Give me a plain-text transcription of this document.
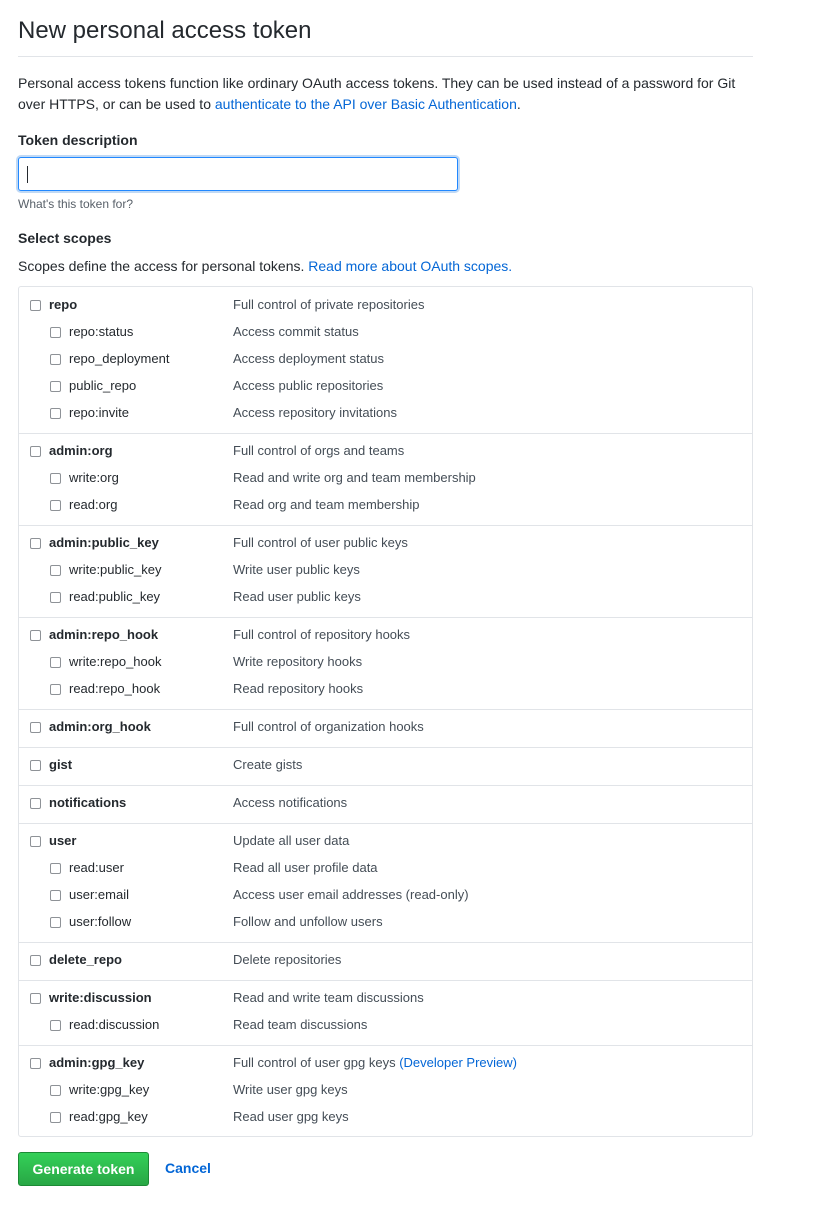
New personal access token

Personal access tokens function like ordinary OAuth access tokens. They can be used instead of a password for Git over HTTPS, or can be used to authenticate to the API over Basic Authentication.

Token description
What's this token for?
Select scopes
Scopes define the access for personal tokens. Read more about OAuth scopes.
repo	Full control of private repositories
repo:status	Access commit status
repo_deployment	Access deployment status
public_repo	Access public repositories
repo:invite	Access repository invitations
admin:org	Full control of orgs and teams
write:org	Read and write org and team membership
read:org	Read org and team membership
admin:public_key	Full control of user public keys
write:public_key	Write user public keys
read:public_key	Read user public keys
admin:repo_hook	Full control of repository hooks
write:repo_hook	Write repository hooks
read:repo_hook	Read repository hooks
admin:org_hook	Full control of organization hooks
gist	Create gists
notifications	Access notifications
user	Update all user data
read:user	Read all user profile data
user:email	Access user email addresses (read-only)
user:follow	Follow and unfollow users
delete_repo	Delete repositories
write:discussion	Read and write team discussions
read:discussion	Read team discussions
admin:gpg_key	Full control of user gpg keys (Developer Preview)
write:gpg_key	Write user gpg keys
read:gpg_key	Read user gpg keys
Generate token	Cancel
